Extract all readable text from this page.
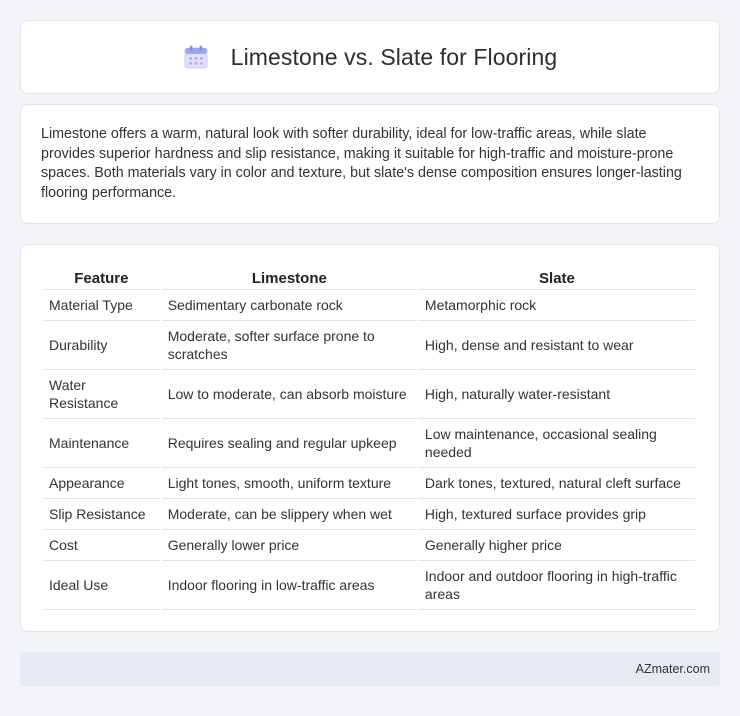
Limestone vs. Slate for Flooring

Limestone offers a warm, natural look with softer durability, ideal for low-traffic areas, while slate provides superior hardness and slip resistance, making it suitable for high-traffic and moisture-prone spaces. Both materials vary in color and texture, but slate's dense composition ensures longer-lasting flooring performance.

Feature	Limestone	Slate
Material Type	Sedimentary carbonate rock	Metamorphic rock
Durability	Moderate, softer surface prone to scratches	High, dense and resistant to wear
Water Resistance	Low to moderate, can absorb moisture	High, naturally water-resistant
Maintenance	Requires sealing and regular upkeep	Low maintenance, occasional sealing needed
Appearance	Light tones, smooth, uniform texture	Dark tones, textured, natural cleft surface
Slip Resistance	Moderate, can be slippery when wet	High, textured surface provides grip
Cost	Generally lower price	Generally higher price
Ideal Use	Indoor flooring in low-traffic areas	Indoor and outdoor flooring in high-traffic areas
AZmater.com
